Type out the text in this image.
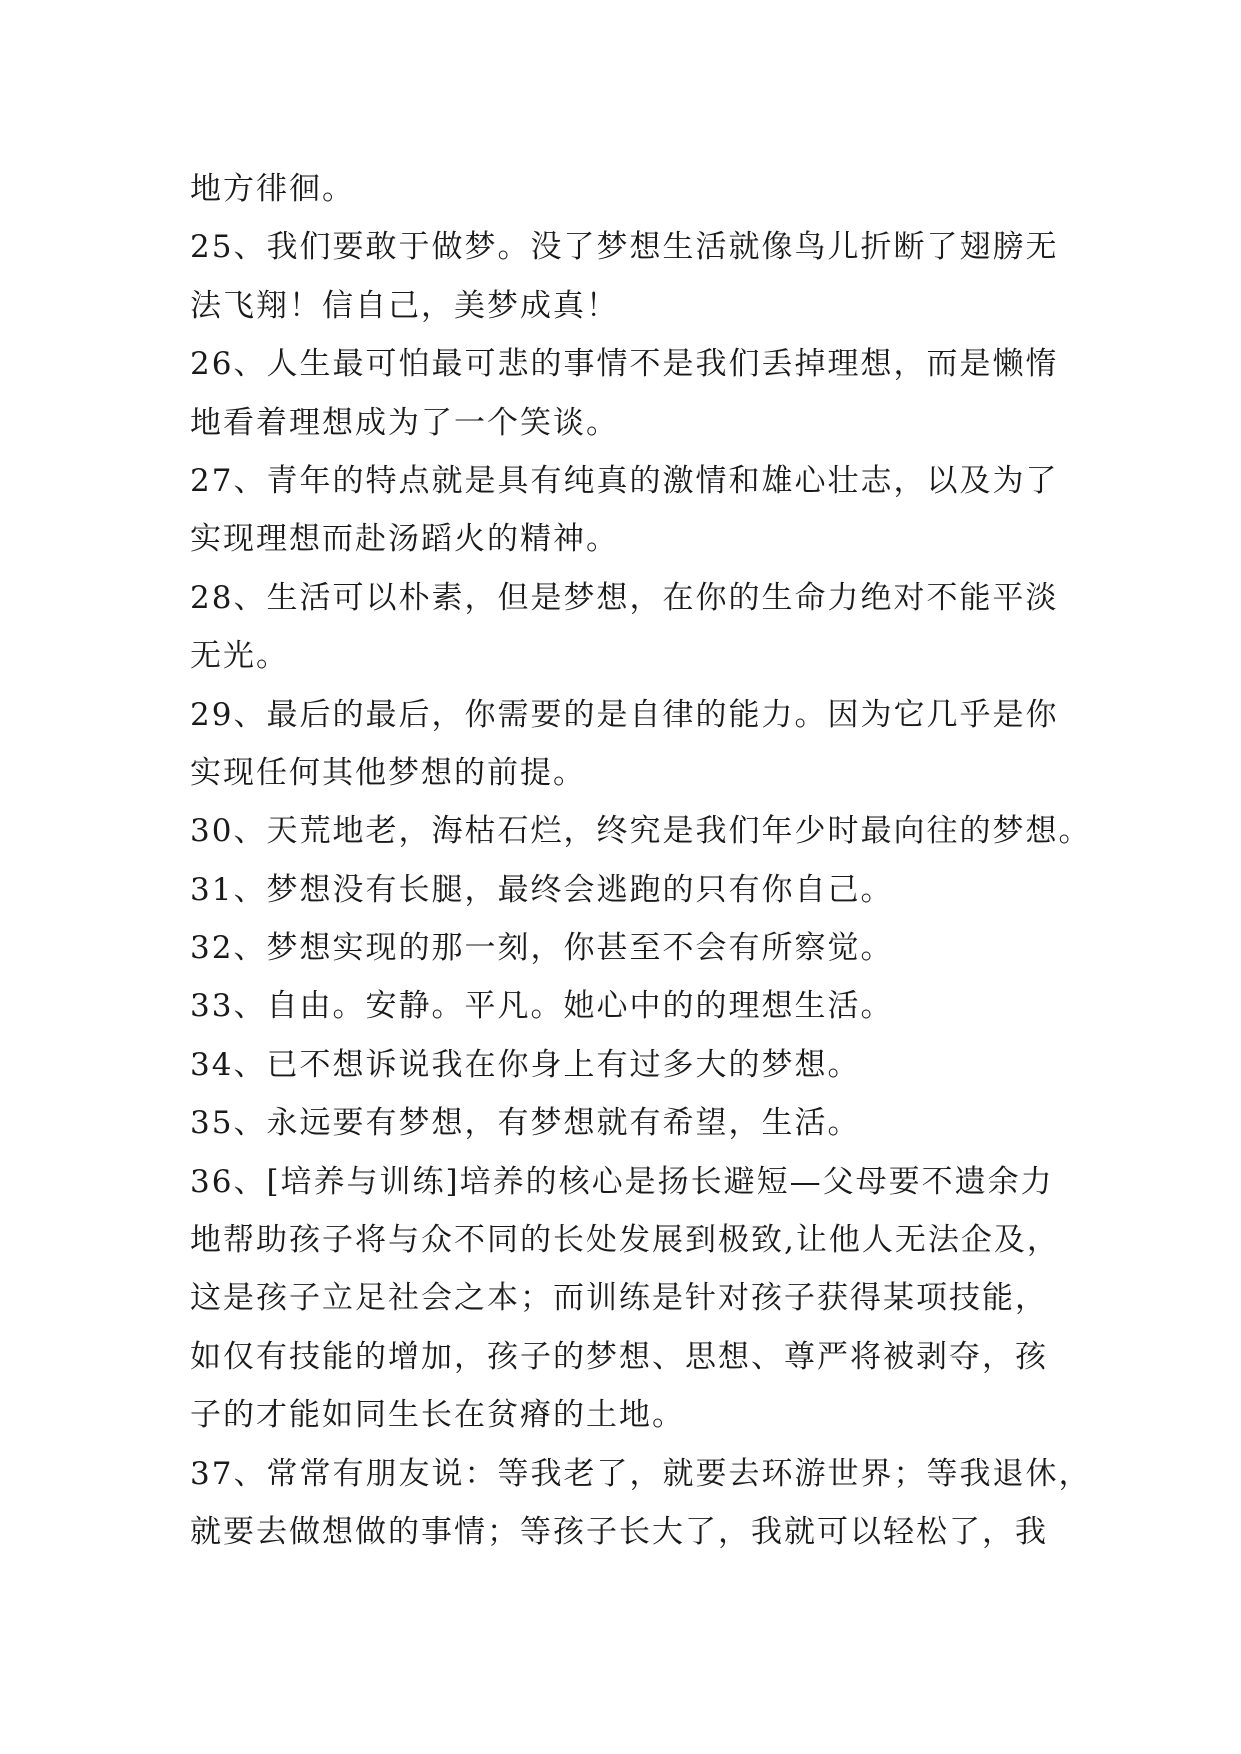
地方徘徊。
25、我们要敢于做梦。没了梦想生活就像鸟儿折断了翅膀无
法飞翔！信自己，美梦成真！
26、人生最可怕最可悲的事情不是我们丢掉理想，而是懒惰
地看着理想成为了一个笑谈。
27、青年的特点就是具有纯真的激情和雄心壮志，以及为了
实现理想而赴汤蹈火的精神。
28、生活可以朴素，但是梦想，在你的生命力绝对不能平淡
无光。
29、最后的最后，你需要的是自律的能力。因为它几乎是你
实现任何其他梦想的前提。
30、天荒地老，海枯石烂，终究是我们年少时最向往的梦想。
31、梦想没有长腿，最终会逃跑的只有你自己。
32、梦想实现的那一刻，你甚至不会有所察觉。
33、自由。安静。平凡。她心中的的理想生活。
34、已不想诉说我在你身上有过多大的梦想。
35、永远要有梦想，有梦想就有希望，生活。
36、[培养与训练]培养的核心是扬长避短—父母要不遗余力
地帮助孩子将与众不同的长处发展到极致,让他人无法企及，
这是孩子立足社会之本；而训练是针对孩子获得某项技能，
如仅有技能的增加，孩子的梦想、思想、尊严将被剥夺，孩
子的才能如同生长在贫瘠的土地。
37、常常有朋友说：等我老了，就要去环游世界；等我退休，
就要去做想做的事情；等孩子长大了，我就可以轻松了，我
